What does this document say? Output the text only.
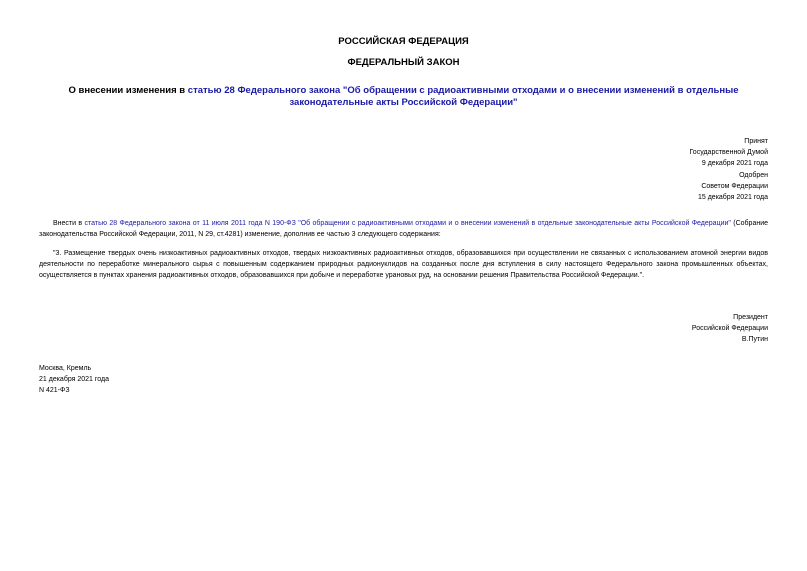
РОССИЙСКАЯ ФЕДЕРАЦИЯ
ФЕДЕРАЛЬНЫЙ ЗАКОН
О внесении изменения в статью 28 Федерального закона "Об обращении с радиоактивными отходами и о внесении изменений в отдельные законодательные акты Российской Федерации"
Принят
Государственной Думой
9 декабря 2021 года
Одобрен
Советом Федерации
15 декабря 2021 года
Внести в статью 28 Федерального закона от 11 июля 2011 года N 190-ФЗ "Об обращении с радиоактивными отходами и о внесении изменений в отдельные законодательные акты Российской Федерации" (Собрание законодательства Российской Федерации, 2011, N 29, ст.4281) изменение, дополнив ее частью 3 следующего содержания:
"3. Размещение твердых очень низкоактивных радиоактивных отходов, твердых низкоактивных радиоактивных отходов, образовавшихся при осуществлении не связанных с использованием атомной энергии видов деятельности по переработке минерального сырья с повышенным содержанием природных радионуклидов на созданных после дня вступления в силу настоящего Федерального закона промышленных объектах, осуществляется в пунктах хранения радиоактивных отходов, образовавшихся при добыче и переработке урановых руд, на основании решения Правительства Российской Федерации.".
Президент
Российской Федерации
В.Путин
Москва, Кремль
21 декабря 2021 года
N 421-ФЗ
